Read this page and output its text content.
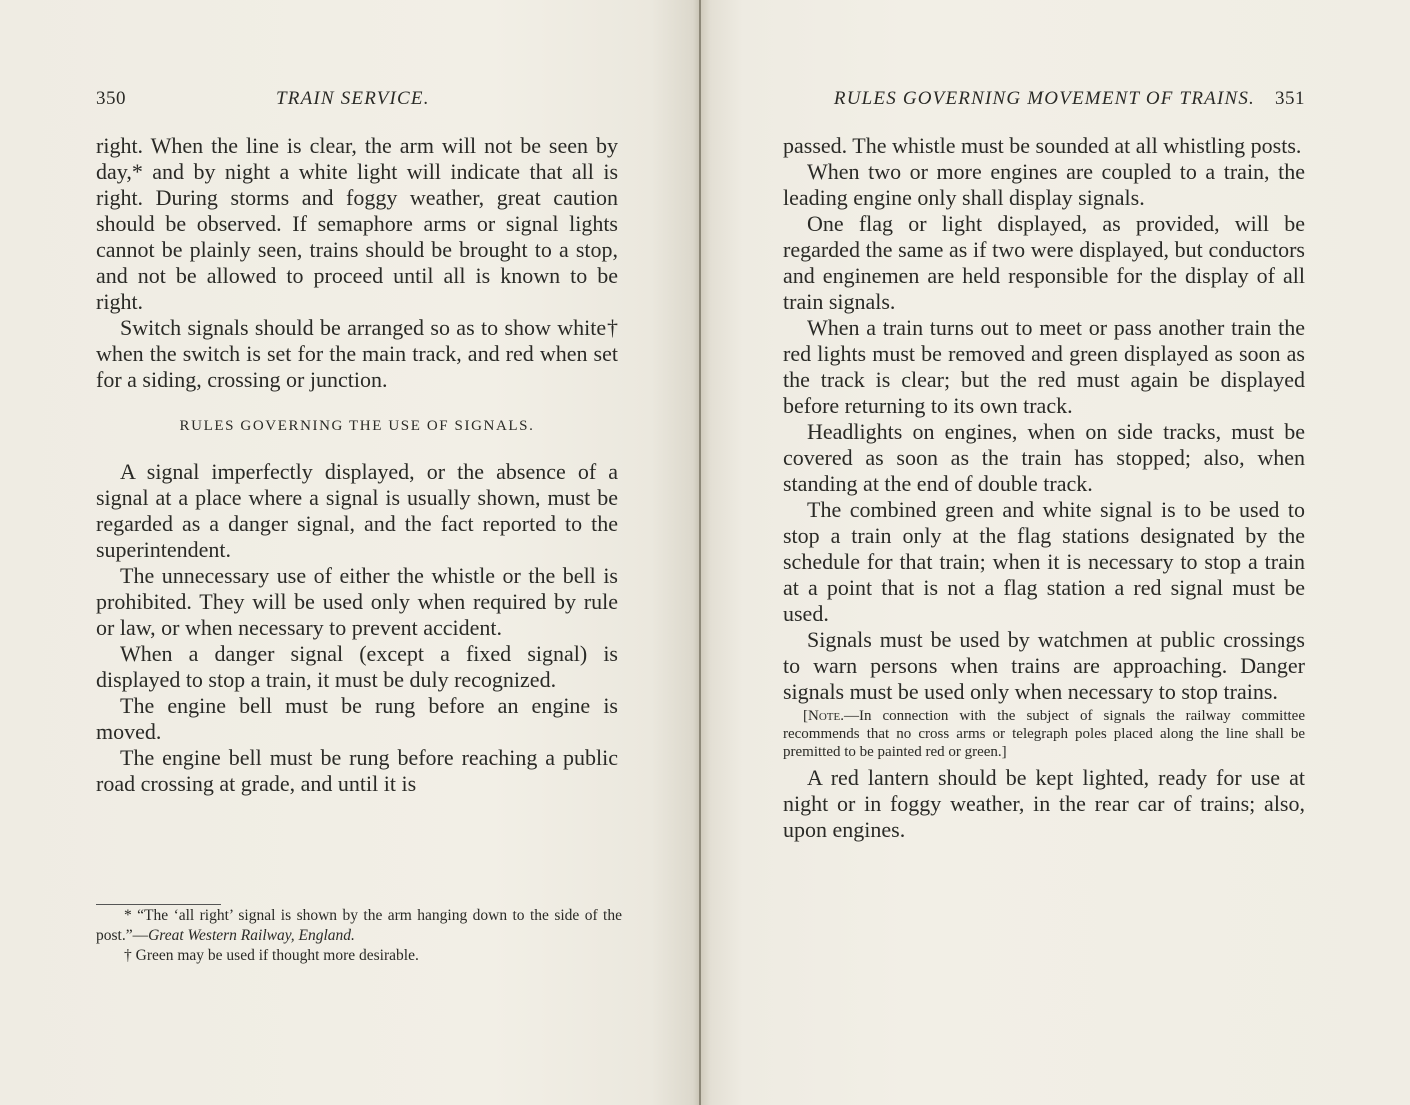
350	TRAIN SERVICE.

right. When the line is clear, the arm will not be seen by day,* and by night a white light will indicate that all is right. During storms and foggy weather, great caution should be observed. If semaphore arms or signal lights cannot be plainly seen, trains should be brought to a stop, and not be allowed to proceed until all is known to be right.

Switch signals should be arranged so as to show white† when the switch is set for the main track, and red when set for a siding, crossing or junction.

RULES GOVERNING THE USE OF SIGNALS.

A signal imperfectly displayed, or the absence of a signal at a place where a signal is usually shown, must be regarded as a danger signal, and the fact reported to the superintendent.

The unnecessary use of either the whistle or the bell is prohibited. They will be used only when required by rule or law, or when necessary to prevent accident.

When a danger signal (except a fixed signal) is displayed to stop a train, it must be duly recognized.

The engine bell must be rung before an engine is moved.

The engine bell must be rung before reaching a public road crossing at grade, and until it is

* “The ‘all right’ signal is shown by the arm hanging down to the side of the post.”—Great Western Railway, England.

† Green may be used if thought more desirable.

RULES GOVERNING MOVEMENT OF TRAINS. 351

passed. The whistle must be sounded at all whistling posts.

When two or more engines are coupled to a train, the leading engine only shall display signals.

One flag or light displayed, as provided, will be regarded the same as if two were displayed, but conductors and enginemen are held responsible for the display of all train signals.

When a train turns out to meet or pass another train the red lights must be removed and green displayed as soon as the track is clear; but the red must again be displayed before returning to its own track.

Headlights on engines, when on side tracks, must be covered as soon as the train has stopped; also, when standing at the end of double track.

The combined green and white signal is to be used to stop a train only at the flag stations designated by the schedule for that train; when it is necessary to stop a train at a point that is not a flag station a red signal must be used.

Signals must be used by watchmen at public crossings to warn persons when trains are approaching. Danger signals must be used only when necessary to stop trains.

[Note.—In connection with the subject of signals the railway committee recommends that no cross arms or telegraph poles placed along the line shall be premitted to be painted red or green.]

A red lantern should be kept lighted, ready for use at night or in foggy weather, in the rear car of trains; also, upon engines.
